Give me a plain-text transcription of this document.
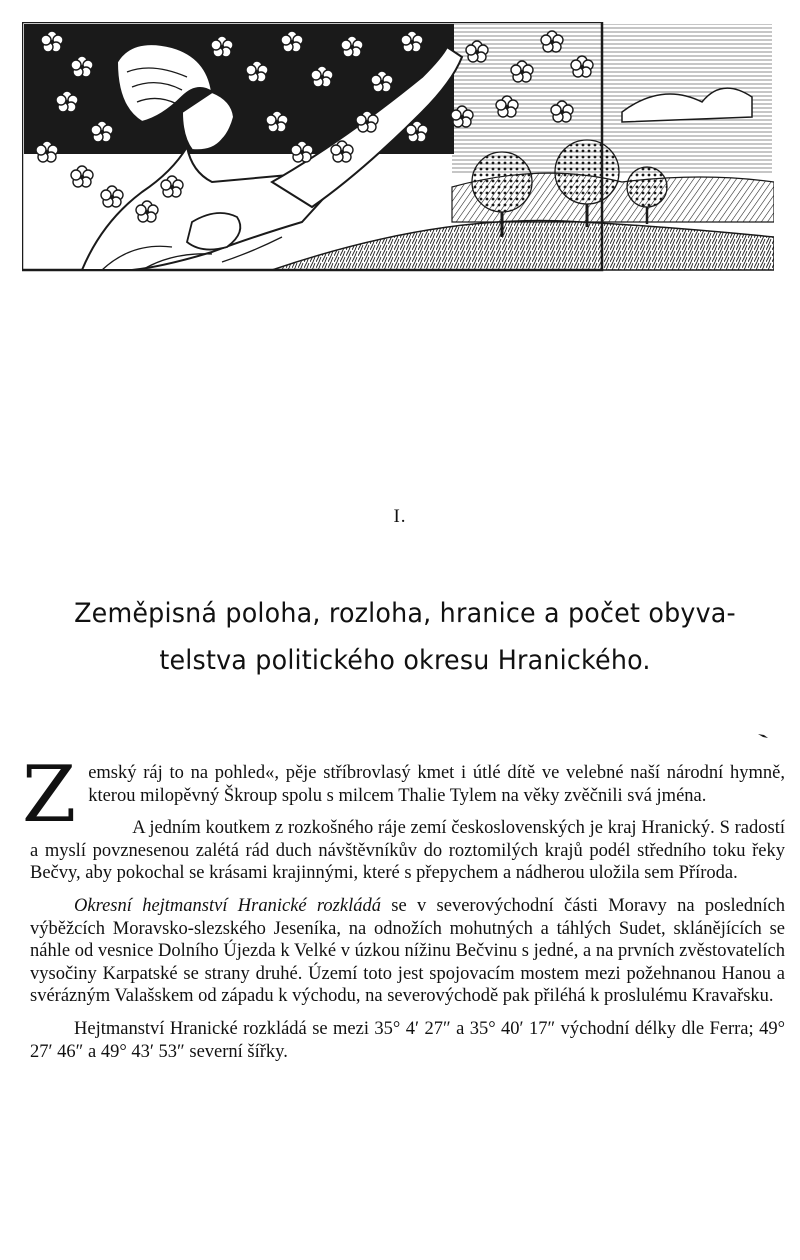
I.
Zeměpisná poloha, rozloha, hranice a počet obyva-
telstva politického okresu Hranického.

Zemský ráj to na pohled«, pěje stříbrovlasý kmet i útlé dítě ve velebné naší národní hymně, kterou milopěvný Škroup spolu s milcem Thalie Tylem na věky zvěčnili svá jména.

A jedním koutkem z rozkošného ráje zemí československých je kraj Hranický. S radostí a myslí povznesenou zalétá rád duch návštěvníkův do roztomilých krajů podél středního toku řeky Bečvy, aby pokochal se krásami krajinnými, které s přepychem a nádherou uložila sem Příroda.

Okresní hejtmanství Hranické rozkládá se v severovýchodní části Moravy na posledních výběžcích Moravsko-slezského Jeseníka, na odnožích mohutných a táhlých Sudet, sklánějících se náhle od vesnice Dolního Újezda k Velké v úzkou nížinu Bečvinu s jedné, a na prvních zvěstovatelích vysočiny Karpatské se strany druhé. Území toto jest spojovacím mostem mezi požehnanou Hanou a svérázným Valašskem od západu k východu, na severovýchodě pak přiléhá k proslulému Kravařsku.

Hejtmanství Hranické rozkládá se mezi 35° 4′ 27″ a 35° 40′ 17″ východní délky dle Ferra; 49° 27′ 46″ a 49° 43′ 53″ severní šířky.
